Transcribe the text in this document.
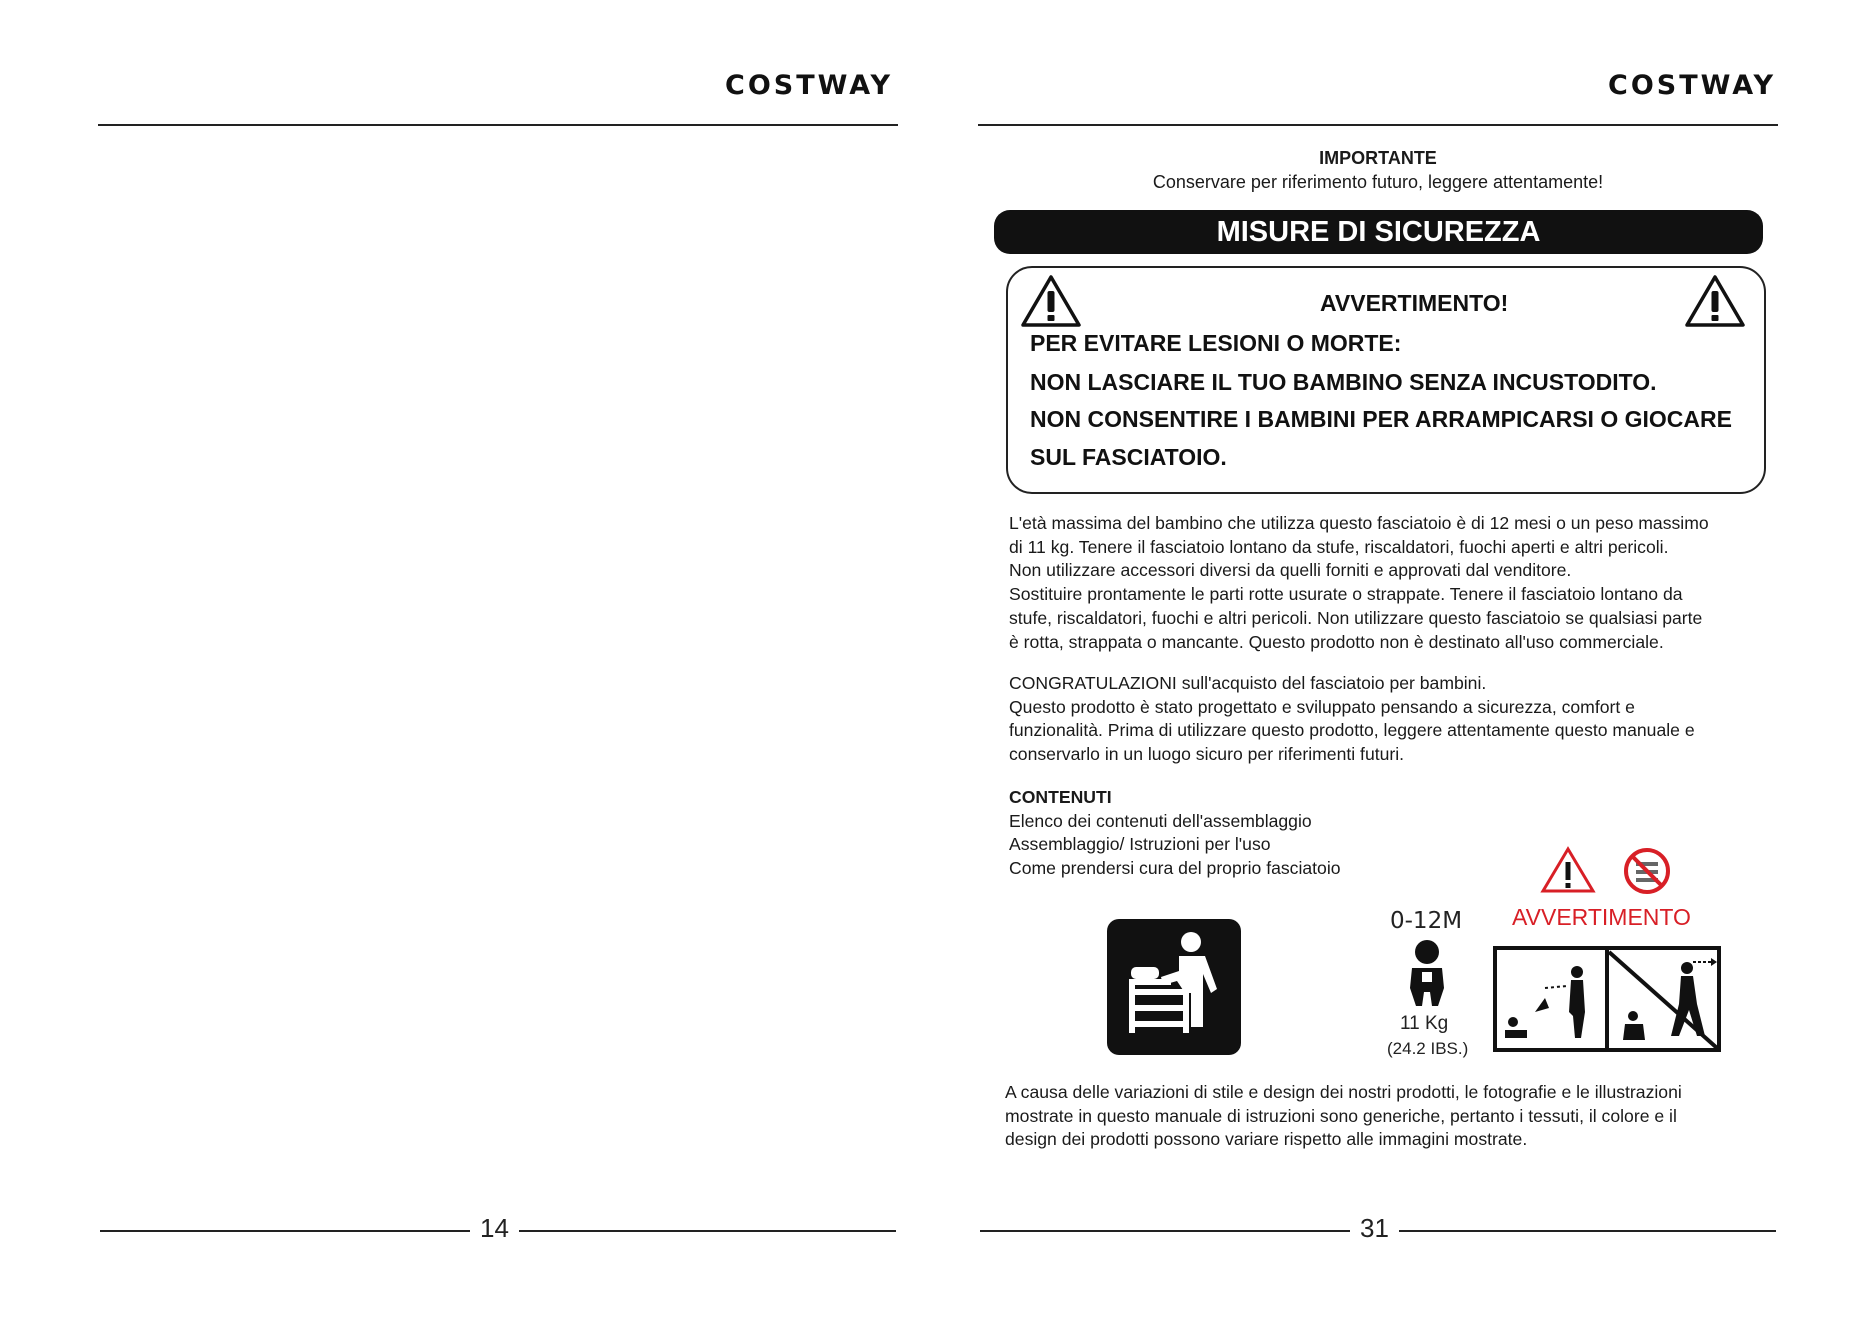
COSTWAY
14
COSTWAY
IMPORTANTE
Conservare per riferimento futuro, leggere attentamente!
MISURE DI SICUREZZA
AVVERTIMENTO!
PER EVITARE LESIONI O MORTE:
NON LASCIARE IL TUO BAMBINO SENZA INCUSTODITO.
NON CONSENTIRE I BAMBINI PER ARRAMPICARSI O GIOCARE
SUL FASCIATOIO.

L'età massima del bambino che utilizza questo fasciatoio è di 12 mesi o un peso massimo

di 11 kg. Tenere il fasciatoio lontano da stufe, riscaldatori, fuochi aperti e altri pericoli.

Non utilizzare accessori diversi da quelli forniti e approvati dal venditore.

Sostituire prontamente le parti rotte usurate o strappate. Tenere il fasciatoio lontano da

stufe, riscaldatori, fuochi e altri pericoli. Non utilizzare questo fasciatoio se qualsiasi parte

è rotta, strappata o mancante. Questo prodotto non è destinato all'uso commerciale.

CONGRATULAZIONI sull'acquisto del fasciatoio per bambini.

Questo prodotto è stato progettato e sviluppato pensando a sicurezza, comfort e

funzionalità. Prima di utilizzare questo prodotto, leggere attentamente questo manuale e

conservarlo in un luogo sicuro per riferimenti futuri.

CONTENUTI

Elenco dei contenuti dell'assemblaggio

Assemblaggio/ Istruzioni per l'uso

Come prendersi cura del proprio fasciatoio

0-12M
11 Kg
(24.2 IBS.)
AVVERTIMENTO

A causa delle variazioni di stile e design dei nostri prodotti, le fotografie e le illustrazioni

mostrate in questo manuale di istruzioni sono generiche, pertanto i tessuti, il colore e il

design dei prodotti possono variare rispetto alle immagini mostrate.

31
